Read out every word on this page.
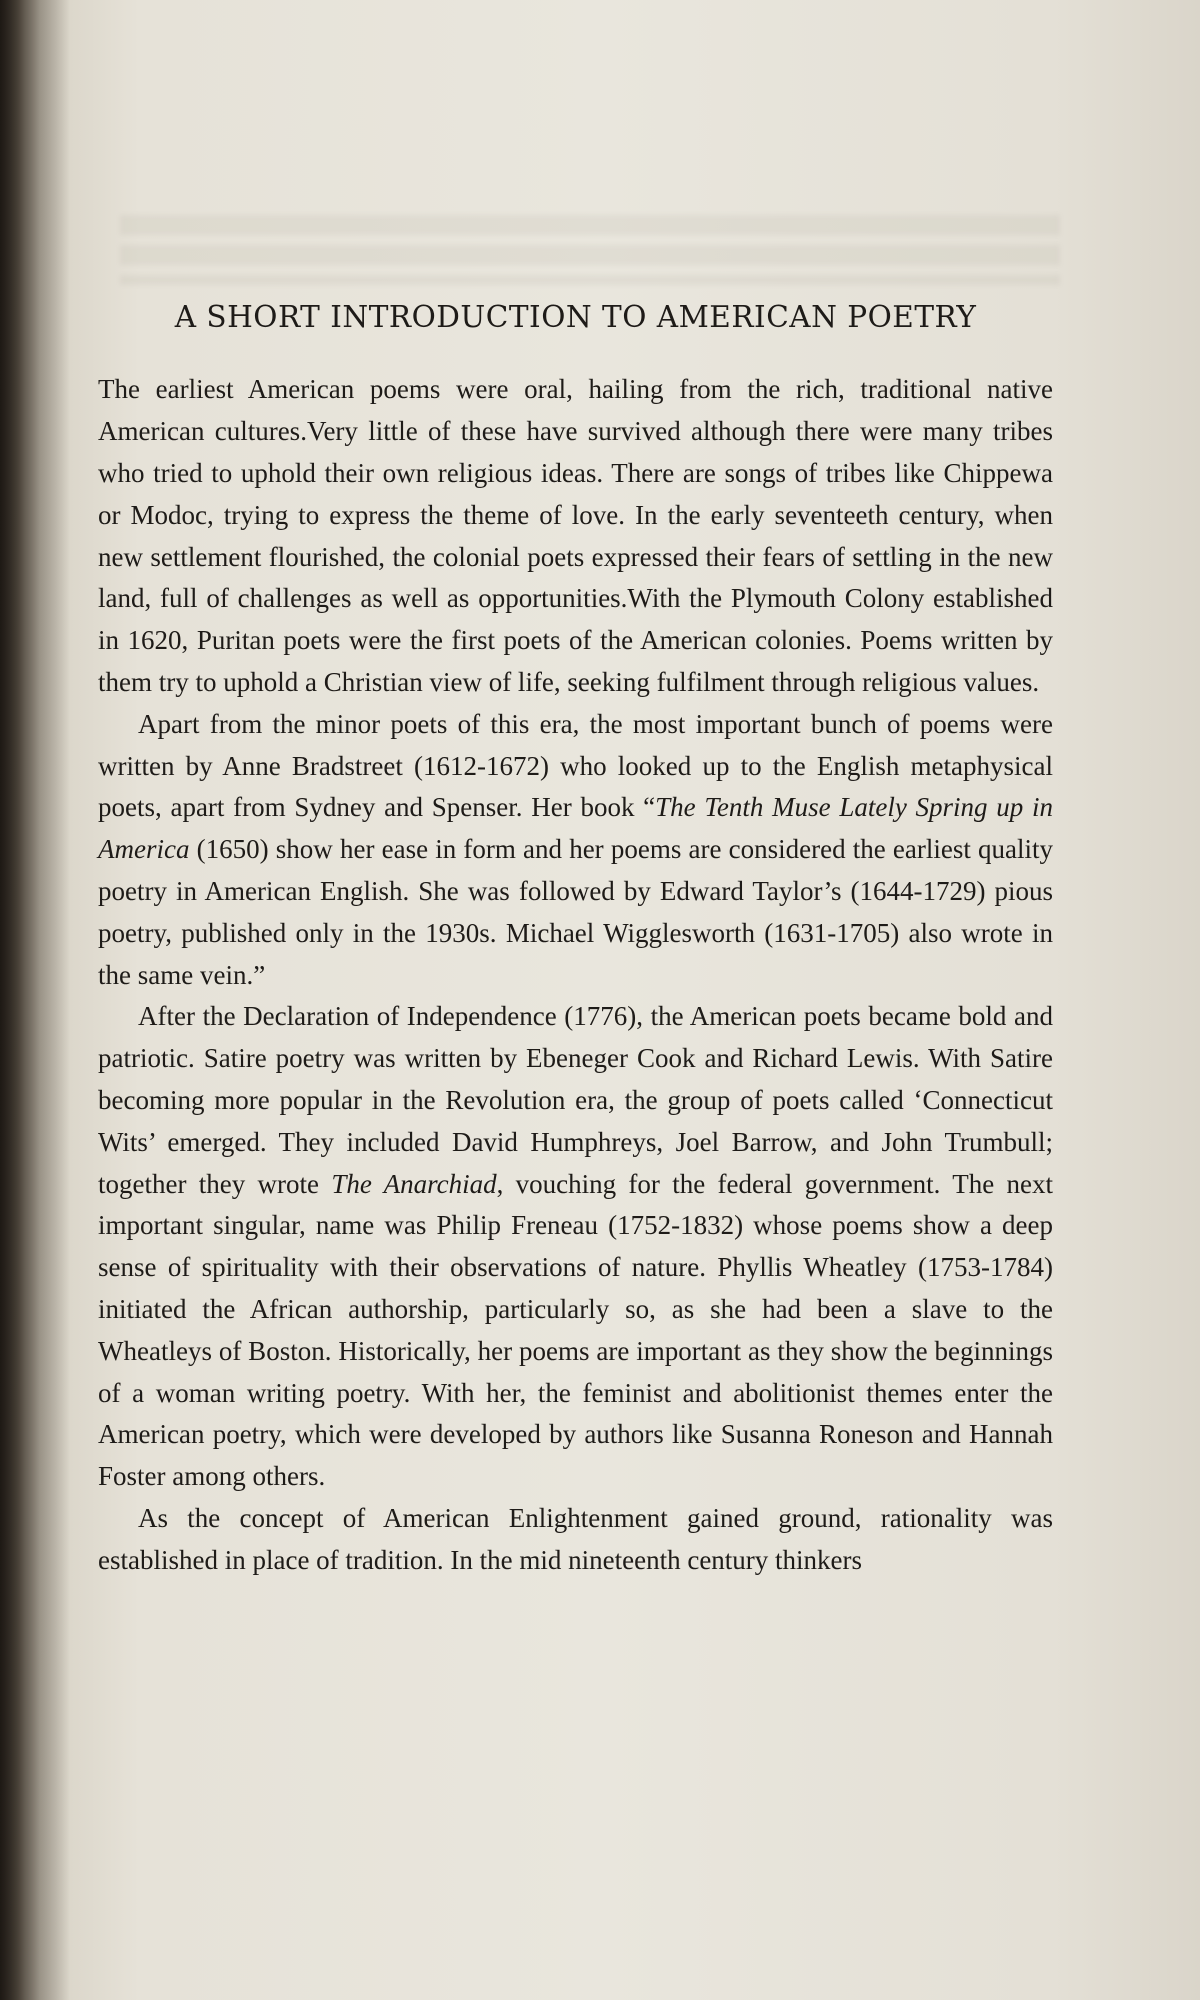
A SHORT INTRODUCTION TO AMERICAN POETRY

The earliest American poems were oral, hailing from the rich, traditional native American cultures.Very little of these have survived although there were many tribes who tried to uphold their own religious ideas. There are songs of tribes like Chippewa or Modoc, trying to express the theme of love. In the early seventeeth century, when new settlement flourished, the colonial poets expressed their fears of settling in the new land, full of challenges as well as opportunities.With the Plymouth Colony established in 1620, Puritan poets were the first poets of the American colonies. Poems written by them try to uphold a Christian view of life, seeking fulfilment through religious values.

Apart from the minor poets of this era, the most important bunch of poems were written by Anne Bradstreet (1612-1672) who looked up to the English metaphysical poets, apart from Sydney and Spenser. Her book “The Tenth Muse Lately Spring up in America (1650) show her ease in form and her poems are considered the earliest quality poetry in American English. She was followed by Edward Taylor’s (1644-1729) pious poetry, published only in the 1930s. Michael Wigglesworth (1631-1705) also wrote in the same vein.”

After the Declaration of Independence (1776), the American poets became bold and patriotic. Satire poetry was written by Ebeneger Cook and Richard Lewis. With Satire becoming more popular in the Revolution era, the group of poets called ‘Connecticut Wits’ emerged. They included David Humphreys, Joel Barrow, and John Trumbull; together they wrote The Anarchiad, vouching for the federal government. The next important singular, name was Philip Freneau (1752-1832) whose poems show a deep sense of spirituality with their observations of nature. Phyllis Wheatley (1753-1784) initiated the African authorship, particularly so, as she had been a slave to the Wheatleys of Boston. Historically, her poems are important as they show the beginnings of a woman writing poetry. With her, the feminist and abolitionist themes enter the American poetry, which were developed by authors like Susanna Roneson and Hannah Foster among others.

As the concept of American Enlightenment gained ground, rationality was established in place of tradition. In the mid nineteenth century thinkers
